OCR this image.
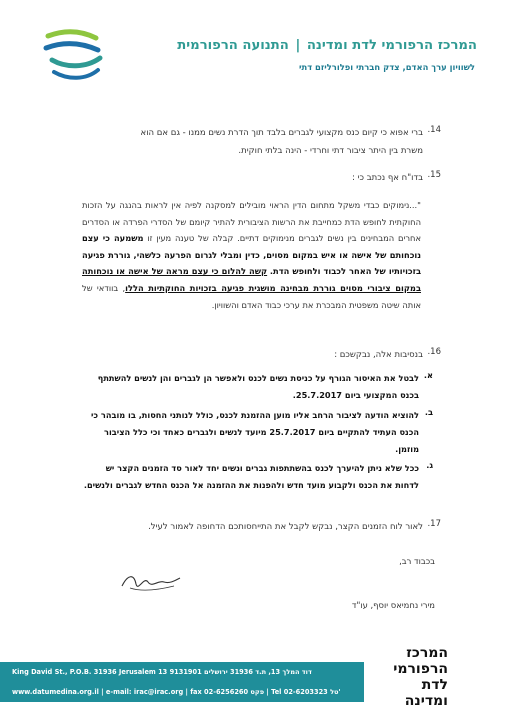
המרכז הרפורמי לדת ומדינה | התנועה הרפורמית
לשוויון ערך האדם, צדק חברתי ופלורליזם דתי
.14
ברי אפוא כי קיום כנס מקצועי לגברים בלבד תוך הדרת נשים ממנו - גם אם הוא
משרת בין היתר ציבור דתי וחרדי - הינה בלתי חוקית.
.15
בדו"ח אף נכתב כי :
"...נימוקים כבדי משקל מתחום הדין הראוי מובילים למסקנה לפיה אין לראות בהנגה על הזכות החוקתית לחופש הדת כמחייבת את הרשות הציבורית להתיר קיומם של הסדרי הפרדה או הסדרים אחרים המבחינים בין נשים לגברים מנימוקים דתיים. קבלה של טענה מעין זו משמעה כי עצם נוכחותם של אישה או איש במקום מסוים, כדין ומבלי לגרום הפרעה כלשהי, גוררת פגיעה בזכויותיו של האחר לכבוד ולחופש הדת. קשה להלום כי עצם מראה של אישה או נוכחותה במקום ציבורי מסוים גוררת מבחינה מושגית פגיעה בזכויות החוקתיות הללו, בוודאי של אותה שיטה משפטית המבכרת את ערכי כבוד האדם והשוויון.
.16
בנסיבות אלה, נבקשכם :
.א
לבטל את האיסור הגורף על כניסת נשים לכנס ולאפשר הן לגברים והן לנשים להשתתף בכנס המקצועי ביום 25.7.2017.
.ב
להוציא הודעה לציבור הרחב אליו מוען ההזמנת לכנס, כולל לנותני החסות, בו מובהר כי הכנס העתיד להתקיים ביום 25.7.2017 מיועד לנשים ולגברים כאחד וכי כלל הציבור מוזמן.
.ג
ככל שלא ניתן להיערך לכנס בהשתתפות גברים ונשים יחד לאור סד הזמנים הקצר יש לדחות את הכנס ולקבוע מועד חדש ולהפנות את ההזמנה אל הכנס החדש לגברים ולנשים.
.17
לאור לוח הזמנים הקצר, נבקש לקבל את התייחסותכם הדחופה לאמור לעיל.
בכבוד רב,
מירי נחמיאס יוסף, עו"ד
King David St., P.O.B. 31936 Jerusalem 13 דוד המלך 13, ת.ד 31936 ירושלים 9131901
www.datumedina.org.il | e-mail: irac@irac.org | fax 02-6256260 פקס | Tel 02-6203323 טל'
המרכז הרפורמי לדת ומדינה
